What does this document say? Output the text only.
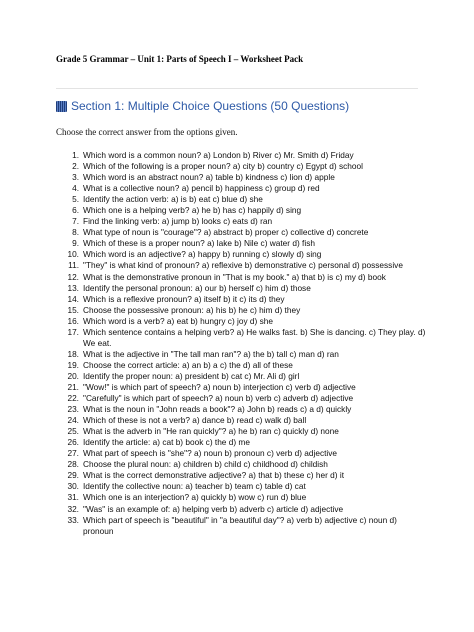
Grade 5 Grammar – Unit 1: Parts of Speech I – Worksheet Pack
Section 1: Multiple Choice Questions (50 Questions)
Choose the correct answer from the options given.
1. Which word is a common noun? a) London b) River c) Mr. Smith d) Friday
2. Which of the following is a proper noun? a) city b) country c) Egypt d) school
3. Which word is an abstract noun? a) table b) kindness c) lion d) apple
4. What is a collective noun? a) pencil b) happiness c) group d) red
5. Identify the action verb: a) is b) eat c) blue d) she
6. Which one is a helping verb? a) he b) has c) happily d) sing
7. Find the linking verb: a) jump b) looks c) eats d) ran
8. What type of noun is "courage"? a) abstract b) proper c) collective d) concrete
9. Which of these is a proper noun? a) lake b) Nile c) water d) fish
10. Which word is an adjective? a) happy b) running c) slowly d) sing
11. "They" is what kind of pronoun? a) reflexive b) demonstrative c) personal d) possessive
12. What is the demonstrative pronoun in "That is my book." a) that b) is c) my d) book
13. Identify the personal pronoun: a) our b) herself c) him d) those
14. Which is a reflexive pronoun? a) itself b) it c) its d) they
15. Choose the possessive pronoun: a) his b) he c) him d) they
16. Which word is a verb? a) eat b) hungry c) joy d) she
17. Which sentence contains a helping verb? a) He walks fast. b) She is dancing. c) They play. d) We eat.
18. What is the adjective in "The tall man ran"? a) the b) tall c) man d) ran
19. Choose the correct article: a) an b) a c) the d) all of these
20. Identify the proper noun: a) president b) cat c) Mr. Ali d) girl
21. "Wow!" is which part of speech? a) noun b) interjection c) verb d) adjective
22. "Carefully" is which part of speech? a) noun b) verb c) adverb d) adjective
23. What is the noun in "John reads a book"? a) John b) reads c) a d) quickly
24. Which of these is not a verb? a) dance b) read c) walk d) ball
25. What is the adverb in "He ran quickly"? a) he b) ran c) quickly d) none
26. Identify the article: a) cat b) book c) the d) me
27. What part of speech is "she"? a) noun b) pronoun c) verb d) adjective
28. Choose the plural noun: a) children b) child c) childhood d) childish
29. What is the correct demonstrative adjective? a) that b) these c) her d) it
30. Identify the collective noun: a) teacher b) team c) table d) cat
31. Which one is an interjection? a) quickly b) wow c) run d) blue
32. "Was" is an example of: a) helping verb b) adverb c) article d) adjective
33. Which part of speech is "beautiful" in "a beautiful day"? a) verb b) adjective c) noun d) pronoun
